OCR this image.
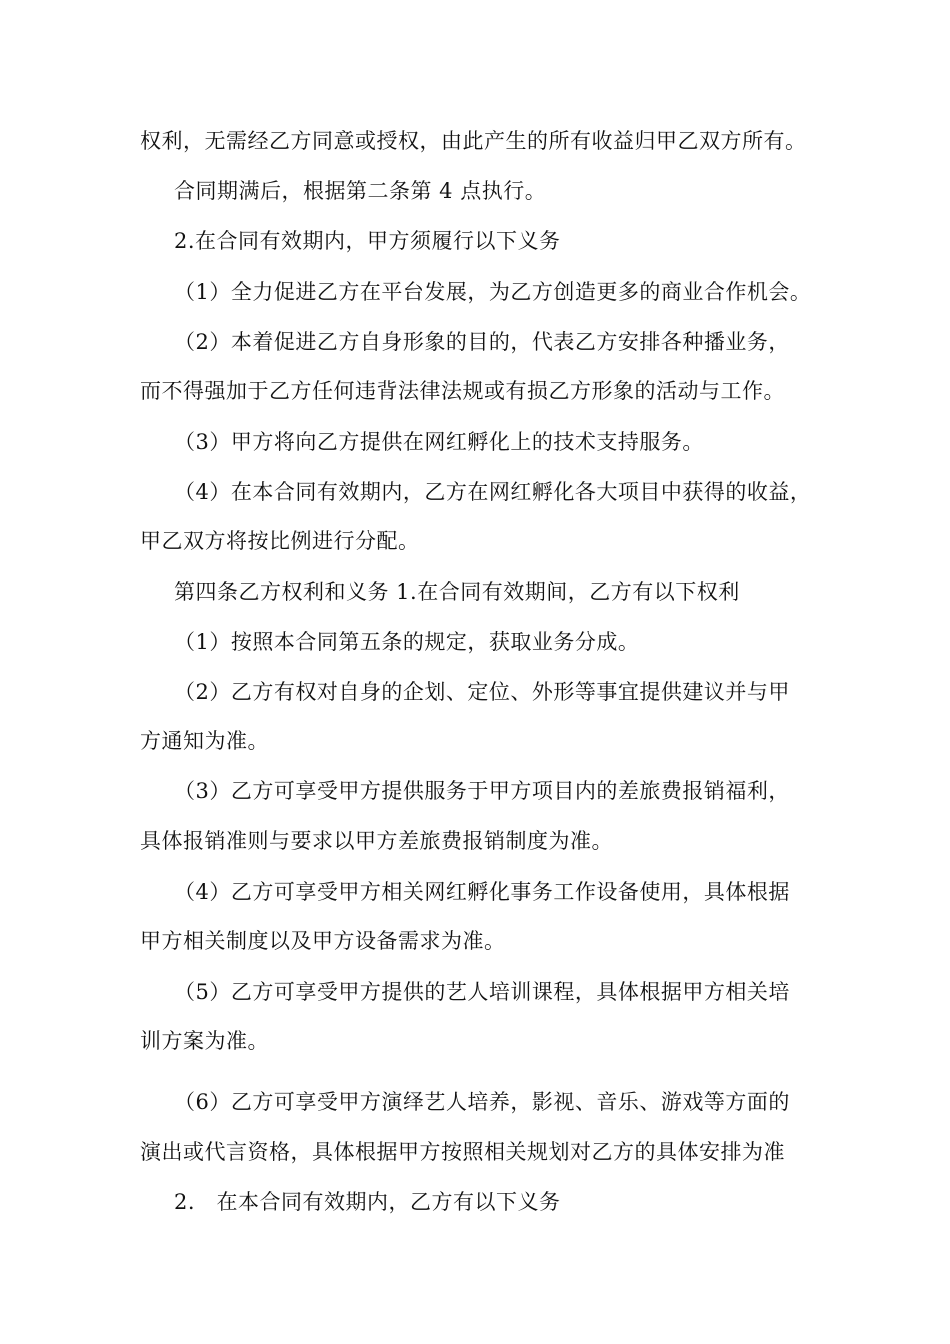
权利，无需经乙方同意或授权，由此产生的所有收益归甲乙双方所有。
合同期满后，根据第二条第 4 点执行。
2.在合同有效期内，甲方须履行以下义务
（1）全力促进乙方在平台发展，为乙方创造更多的商业合作机会。
（2）本着促进乙方自身形象的目的，代表乙方安排各种播业务，
而不得强加于乙方任何违背法律法规或有损乙方形象的活动与工作。
（3）甲方将向乙方提供在网红孵化上的技术支持服务。
（4）在本合同有效期内，乙方在网红孵化各大项目中获得的收益，
甲乙双方将按比例进行分配。
第四条乙方权利和义务 1.在合同有效期间，乙方有以下权利
（1）按照本合同第五条的规定，获取业务分成。
（2）乙方有权对自身的企划、定位、外形等事宜提供建议并与甲
方通知为准。
（3）乙方可享受甲方提供服务于甲方项目内的差旅费报销福利，
具体报销准则与要求以甲方差旅费报销制度为准。
（4）乙方可享受甲方相关网红孵化事务工作设备使用，具体根据
甲方相关制度以及甲方设备需求为准。
（5）乙方可享受甲方提供的艺人培训课程，具体根据甲方相关培
训方案为准。
（6）乙方可享受甲方演绎艺人培养，影视、音乐、游戏等方面的
演出或代言资格，具体根据甲方按照相关规划对乙方的具体安排为准
2.　在本合同有效期内，乙方有以下义务
